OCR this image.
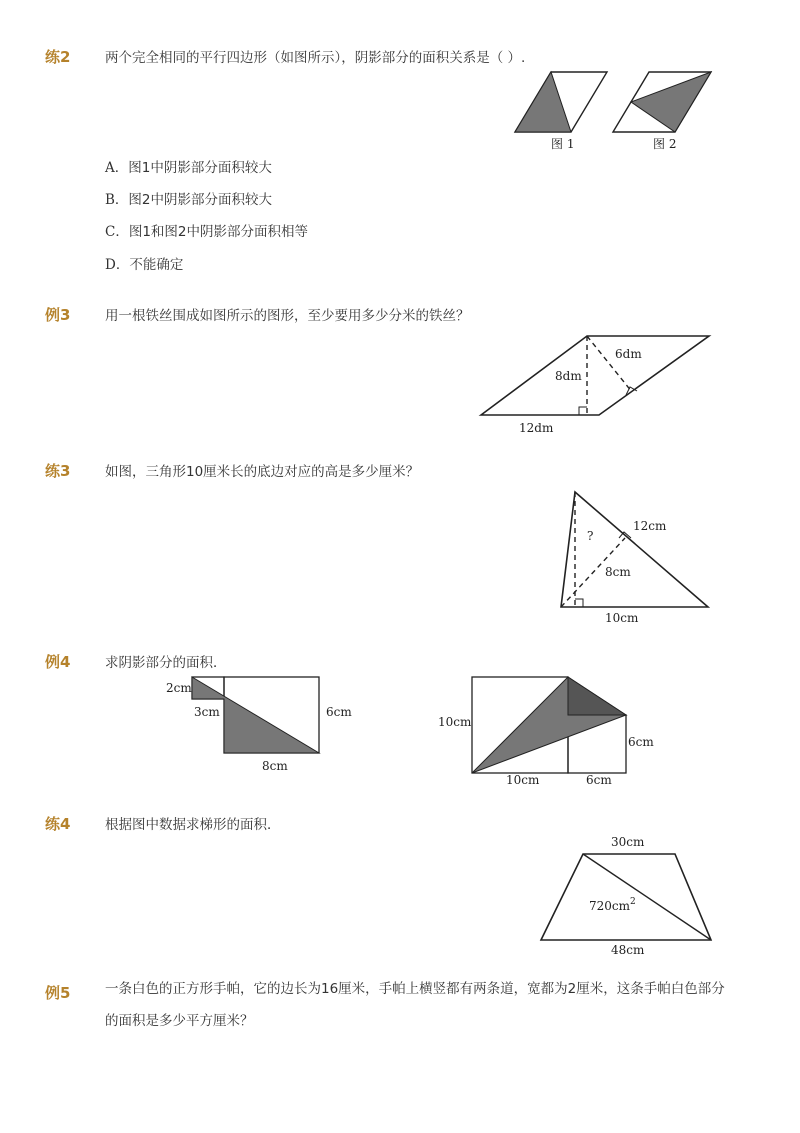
练2	两个完全相同的平行四边形（如图所示），阴影部分的面积关系是（ ）.
图 1	图 2
A．图1中阴影部分面积较大
B．图2中阴影部分面积较大
C．图1和图2中阴影部分面积相等
D．不能确定
例3	用一根铁丝围成如图所示的图形，至少要用多少分米的铁丝？
6dm
8dm
12dm
练3	如图，三角形10厘米长的底边对应的高是多少厘米？
?
12cm
8cm
10cm
例4	求阴影部分的面积．
2cm
3cm	6cm
8cm
10cm
6cm
10cm	6cm
练4	根据图中数据求梯形的面积．
30cm
$720cm^2$
48cm
例5	一条白色的正方形手帕，它的边长为16厘米，手帕上横竖都有两条道，宽都为2厘米，这条手帕白色部分的面积是多少平方厘米？
